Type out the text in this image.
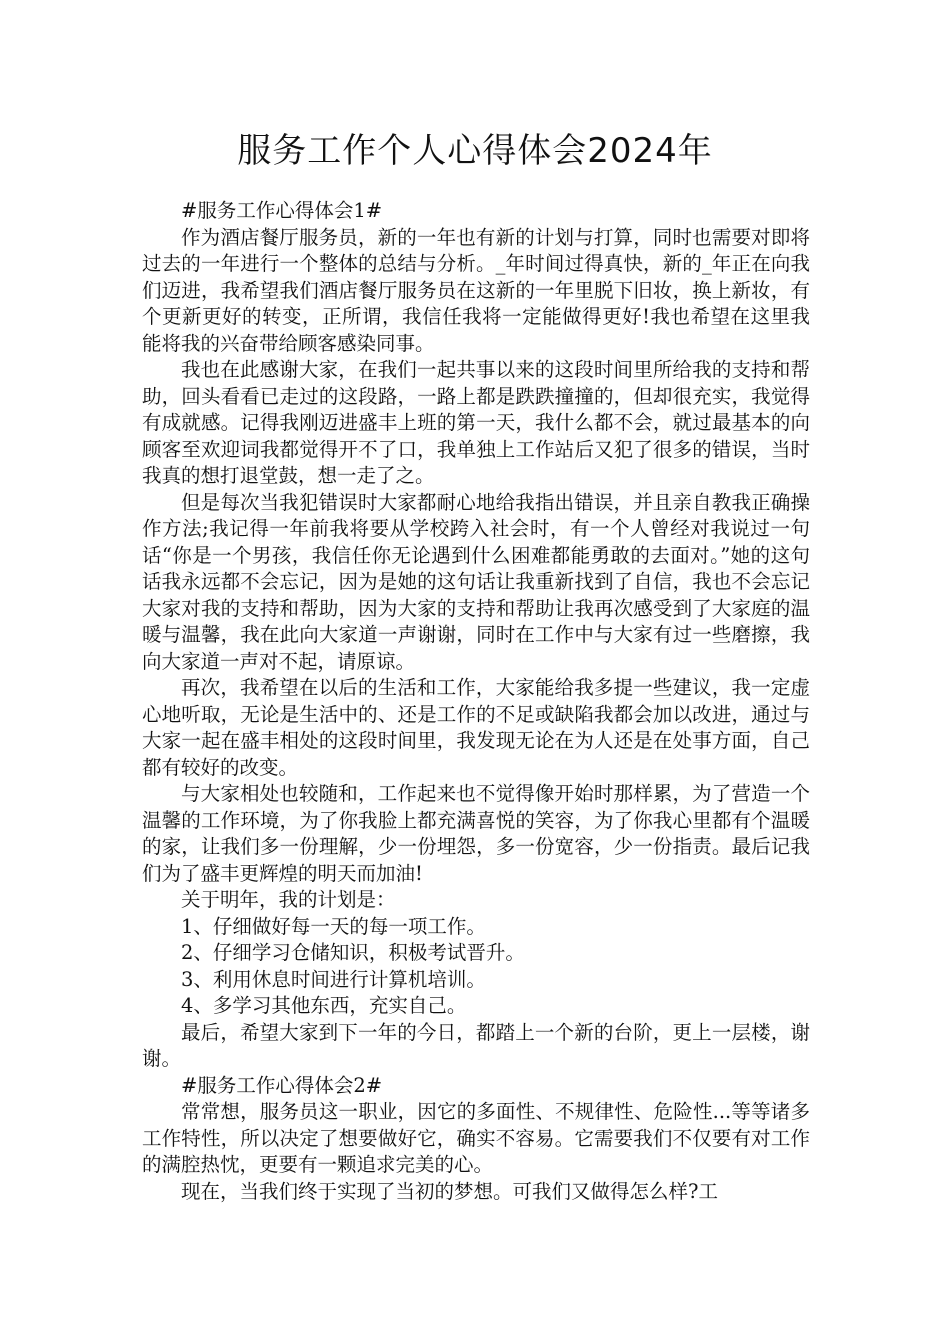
服务工作个人心得体会2024年

#服务工作心得体会1#

作为酒店餐厅服务员，新的一年也有新的计划与打算，同时也需要对即将过去的一年进行一个整体的总结与分析。_年时间过得真快，新的_年正在向我们迈进，我希望我们酒店餐厅服务员在这新的一年里脱下旧妆，换上新妆，有个更新更好的转变，正所谓，我信任我将一定能做得更好!我也希望在这里我能将我的兴奋带给顾客感染同事。

我也在此感谢大家，在我们一起共事以来的这段时间里所给我的支持和帮助，回头看看已走过的这段路，一路上都是跌跌撞撞的，但却很充实，我觉得有成就感。记得我刚迈进盛丰上班的第一天，我什么都不会，就过最基本的向顾客至欢迎词我都觉得开不了口，我单独上工作站后又犯了很多的错误，当时我真的想打退堂鼓，想一走了之。

但是每次当我犯错误时大家都耐心地给我指出错误，并且亲自教我正确操作方法;我记得一年前我将要从学校跨入社会时，有一个人曾经对我说过一句话“你是一个男孩，我信任你无论遇到什么困难都能勇敢的去面对。”她的这句话我永远都不会忘记，因为是她的这句话让我重新找到了自信，我也不会忘记大家对我的支持和帮助，因为大家的支持和帮助让我再次感受到了大家庭的温暖与温馨，我在此向大家道一声谢谢，同时在工作中与大家有过一些磨擦，我向大家道一声对不起，请原谅。

再次，我希望在以后的生活和工作，大家能给我多提一些建议，我一定虚心地听取，无论是生活中的、还是工作的不足或缺陷我都会加以改进，通过与大家一起在盛丰相处的这段时间里，我发现无论在为人还是在处事方面，自己都有较好的改变。

与大家相处也较随和，工作起来也不觉得像开始时那样累，为了营造一个温馨的工作环境，为了你我脸上都充满喜悦的笑容，为了你我心里都有个温暖的家，让我们多一份理解，少一份埋怨，多一份宽容，少一份指责。最后记我们为了盛丰更辉煌的明天而加油!

关于明年，我的计划是：

1、仔细做好每一天的每一项工作。

2、仔细学习仓储知识，积极考试晋升。

3、利用休息时间进行计算机培训。

4、多学习其他东西，充实自己。

最后，希望大家到下一年的今日，都踏上一个新的台阶，更上一层楼，谢谢。

#服务工作心得体会2#

常常想，服务员这一职业，因它的多面性、不规律性、危险性...等等诸多工作特性，所以决定了想要做好它，确实不容易。它需要我们不仅要有对工作的满腔热忱，更要有一颗追求完美的心。

现在，当我们终于实现了当初的梦想。可我们又做得怎么样?工
